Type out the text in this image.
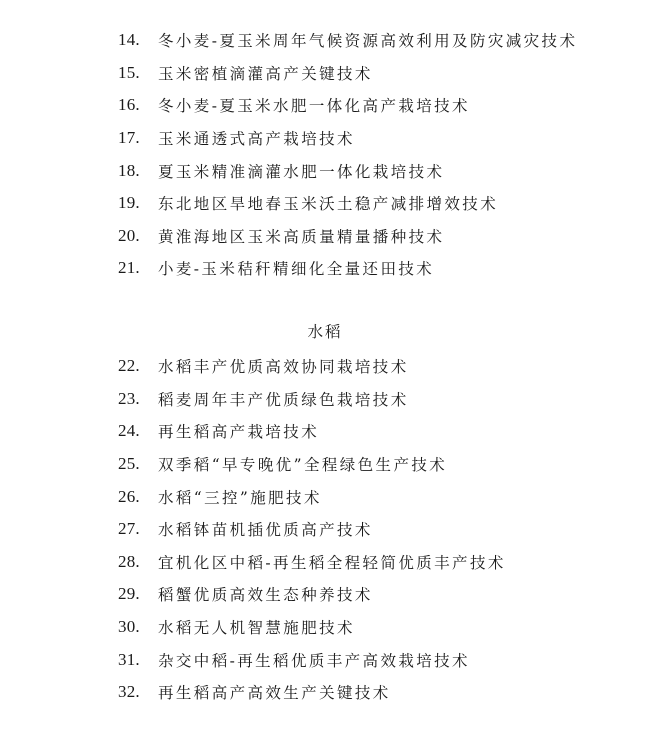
14.	冬小麦-夏玉米周年气候资源高效利用及防灾减灾技术
15.	玉米密植滴灌高产关键技术
16.	冬小麦-夏玉米水肥一体化高产栽培技术
17.	玉米通透式高产栽培技术
18.	夏玉米精准滴灌水肥一体化栽培技术
19.	东北地区旱地春玉米沃土稳产减排增效技术
20.	黄淮海地区玉米高质量精量播种技术
21.	小麦-玉米秸秆精细化全量还田技术
水稻
22.	水稻丰产优质高效协同栽培技术
23.	稻麦周年丰产优质绿色栽培技术
24.	再生稻高产栽培技术
25.	双季稻“早专晚优”全程绿色生产技术
26.	水稻“三控”施肥技术
27.	水稻钵苗机插优质高产技术
28.	宜机化区中稻-再生稻全程轻简优质丰产技术
29.	稻蟹优质高效生态种养技术
30.	水稻无人机智慧施肥技术
31.	杂交中稻-再生稻优质丰产高效栽培技术
32.	再生稻高产高效生产关键技术
